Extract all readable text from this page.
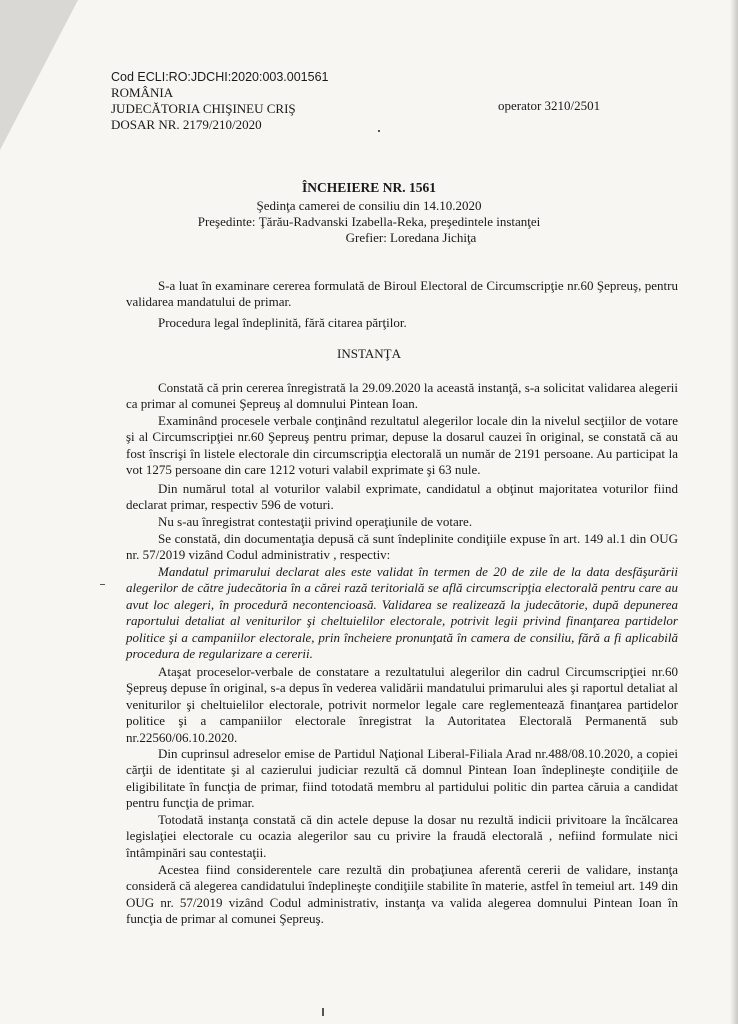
Cod ECLI:RO:JDCHI:2020:003.001561
ROMÂNIA
JUDECĂTORIA CHIŞINEU CRIŞ
DOSAR NR. 2179/210/2020
operator 3210/2501
ÎNCHEIERE NR. 1561
Şedinţa camerei de consiliu din 14.10.2020
Preşedinte: Ţărău-Radvanski Izabella-Reka, preşedintele instanţei
Grefier: Loredana Jichiţa
S-a luat în examinare cererea formulată de Biroul Electoral de Circumscripţie nr.60 Şepreuş, pentru validarea mandatului de primar.
Procedura legal îndeplinită, fără citarea părţilor.
INSTANŢA
Constată că prin cererea înregistrată la 29.09.2020 la această instanţă, s-a solicitat validarea alegerii ca primar al comunei Şepreuş al domnului Pintean Ioan.
Examinând procesele verbale conţinând rezultatul alegerilor locale din la nivelul secţiilor de votare şi al Circumscripţiei nr.60 Şepreuş pentru primar, depuse la dosarul cauzei în original, se constată că au fost înscrişi în listele electorale din circumscripţia electorală un număr de 2191 persoane. Au participat la vot 1275 persoane din care 1212 voturi valabil exprimate şi 63 nule.
Din numărul total al voturilor valabil exprimate, candidatul a obţinut majoritatea voturilor fiind declarat primar, respectiv 596 de voturi.
Nu s-au înregistrat contestaţii privind operaţiunile de votare.
Se constată, din documentaţia depusă că sunt îndeplinite condiţiile expuse în art. 149 al.1 din OUG nr. 57/2019 vizând Codul administrativ , respectiv:
Mandatul primarului declarat ales este validat în termen de 20 de zile de la data desfăşurării alegerilor de către judecătoria în a cărei rază teritorială se află circumscripţia electorală pentru care au avut loc alegeri, în procedură necontencioasă. Validarea se realizează la judecătorie, după depunerea raportului detaliat al veniturilor şi cheltuielilor electorale, potrivit legii privind finanţarea partidelor politice şi a campaniilor electorale, prin încheiere pronunţată în camera de consiliu, fără a fi aplicabilă procedura de regularizare a cererii.
Ataşat proceselor-verbale de constatare a rezultatului alegerilor din cadrul Circumscripţiei nr.60 Şepreuş depuse în original, s-a depus în vederea validării mandatului primarului ales şi raportul detaliat al veniturilor şi cheltuielilor electorale, potrivit normelor legale care reglementează finanţarea partidelor politice şi a campaniilor electorale înregistrat la Autoritatea Electorală Permanentă sub nr.22560/06.10.2020.
Din cuprinsul adreselor emise de Partidul Naţional Liberal-Filiala Arad nr.488/08.10.2020, a copiei cărţii de identitate şi al cazierului judiciar rezultă că domnul Pintean Ioan îndeplineşte condiţiile de eligibilitate în funcţia de primar, fiind totodată membru al partidului politic din partea căruia a candidat pentru funcţia de primar.
Totodată instanţa constată că din actele depuse la dosar nu rezultă indicii privitoare la încălcarea legislaţiei electorale cu ocazia alegerilor sau cu privire la fraudă electorală , nefiind formulate nici întâmpinări sau contestaţii.
Acestea fiind considerentele care rezultă din probaţiunea aferentă cererii de validare, instanţa consideră că alegerea candidatului îndeplineşte condiţiile stabilite în materie, astfel în temeiul art. 149 din OUG nr. 57/2019 vizând Codul administrativ, instanţa va valida alegerea domnului Pintean Ioan în funcţia de primar al comunei Şepreuş.
